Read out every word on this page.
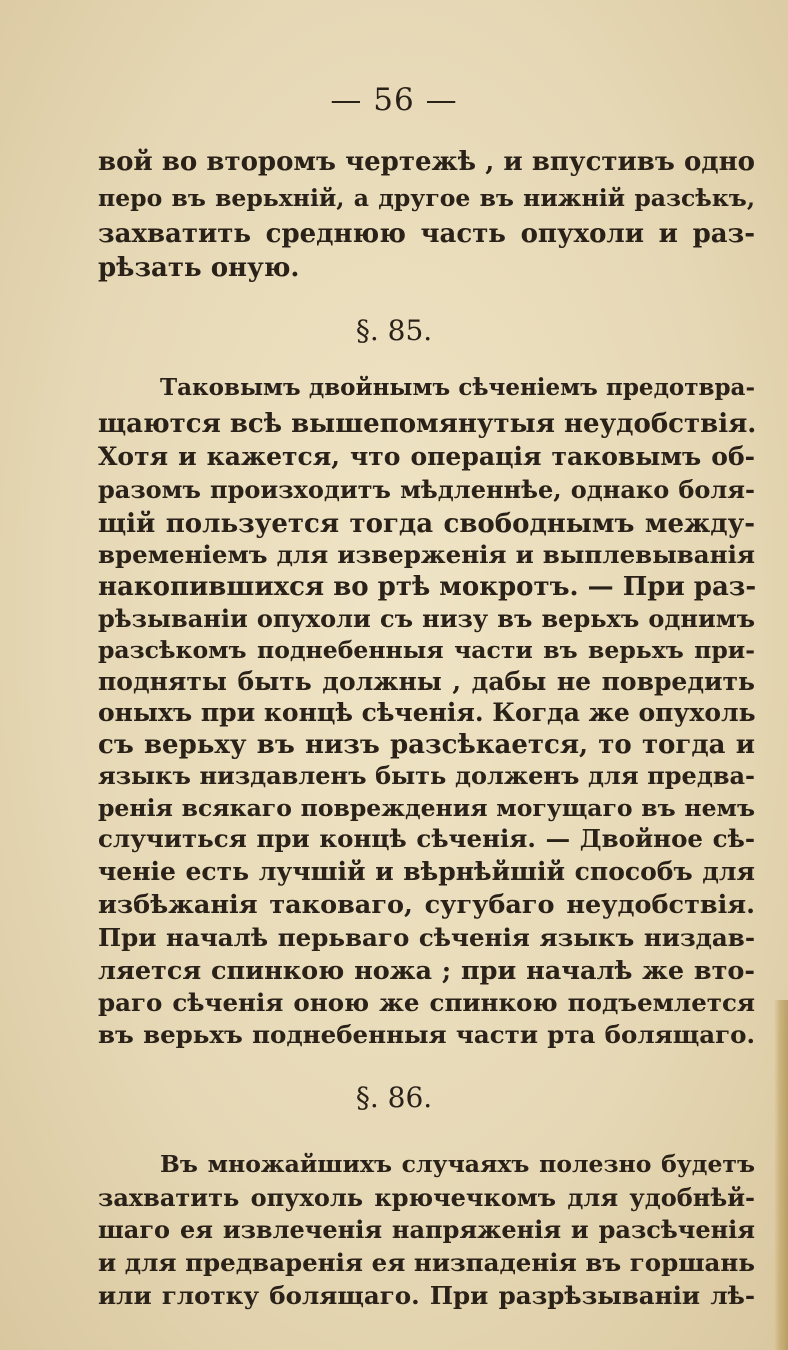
— 56 —
вой во второмъ чертежѣ , и впустивъ одно
перо въ верьхній, а другое въ нижній разсѣкъ,
захватить среднюю часть опухоли и раз-
рѣзать оную.
§. 85.
Таковымъ двойнымъ сѣченіемъ предотвра-
щаются всѣ вышепомянутыя неудобствія.
Хотя и кажется, что операція таковымъ об-
разомъ произходитъ мѣдленнѣе, однако боля-
щій пользуется тогда свободнымъ между-
временіемъ для изверженія и выплевыванія
накопившихся во ртѣ мокротъ. — При раз-
рѣзываніи опухоли съ низу въ верьхъ однимъ
разсѣкомъ поднебенныя части въ верьхъ при-
подняты быть должны , дабы не повредить
оныхъ при концѣ сѣченія. Когда же опухоль
съ верьху въ низъ разсѣкается, то тогда и
языкъ низдавленъ быть долженъ для предва-
ренія всякаго повреждения могущаго въ немъ
случиться при концѣ сѣченія. — Двойное сѣ-
ченіе есть лучшій и вѣрнѣйшій способъ для
избѣжанія таковаго, сугубаго неудобствія.
При началѣ перьваго сѣченія языкъ низдав-
ляется спинкою ножа ; при началѣ же вто-
раго сѣченія оною же спинкою подъемлется
въ верьхъ поднебенныя части рта болящаго.
§. 86.
Въ множайшихъ случаяхъ полезно будетъ
захватить опухоль крючечкомъ для удобнѣй-
шаго ея извлеченія напряженія и разсѣченія
и для предваренія ея низпаденія въ горшань
или глотку болящаго. При разрѣзываніи лѣ-
